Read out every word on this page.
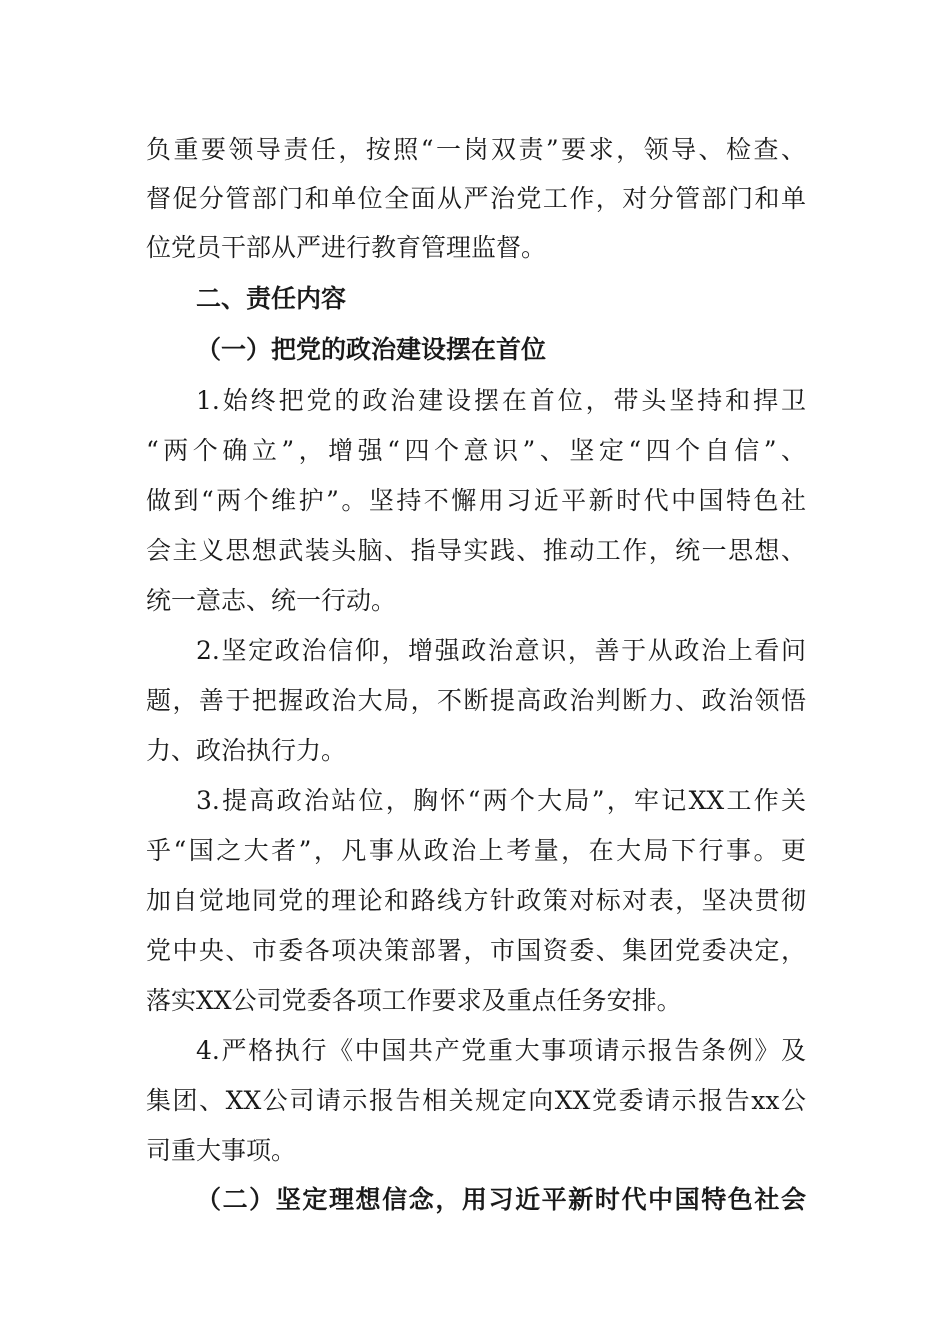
负重要领导责任，按照“一岗双责”要求，领导、检查、
督促分管部门和单位全面从严治党工作，对分管部门和单
位党员干部从严进行教育管理监督。
二、责任内容
（一）把党的政治建设摆在首位
1.始终把党的政治建设摆在首位，带头坚持和捍卫
“两个确立”，增强“四个意识”、坚定“四个自信”、
做到“两个维护”。坚持不懈用习近平新时代中国特色社
会主义思想武装头脑、指导实践、推动工作，统一思想、
统一意志、统一行动。
2.坚定政治信仰，增强政治意识，善于从政治上看问
题，善于把握政治大局，不断提高政治判断力、政治领悟
力、政治执行力。
3.提高政治站位，胸怀“两个大局”，牢记XX工作关
乎“国之大者”，凡事从政治上考量，在大局下行事。更
加自觉地同党的理论和路线方针政策对标对表，坚决贯彻
党中央、市委各项决策部署，市国资委、集团党委决定，
落实XX公司党委各项工作要求及重点任务安排。
4.严格执行《中国共产党重大事项请示报告条例》及
集团、XX公司请示报告相关规定向XX党委请示报告xx公
司重大事项。
（二）坚定理想信念，用习近平新时代中国特色社会
